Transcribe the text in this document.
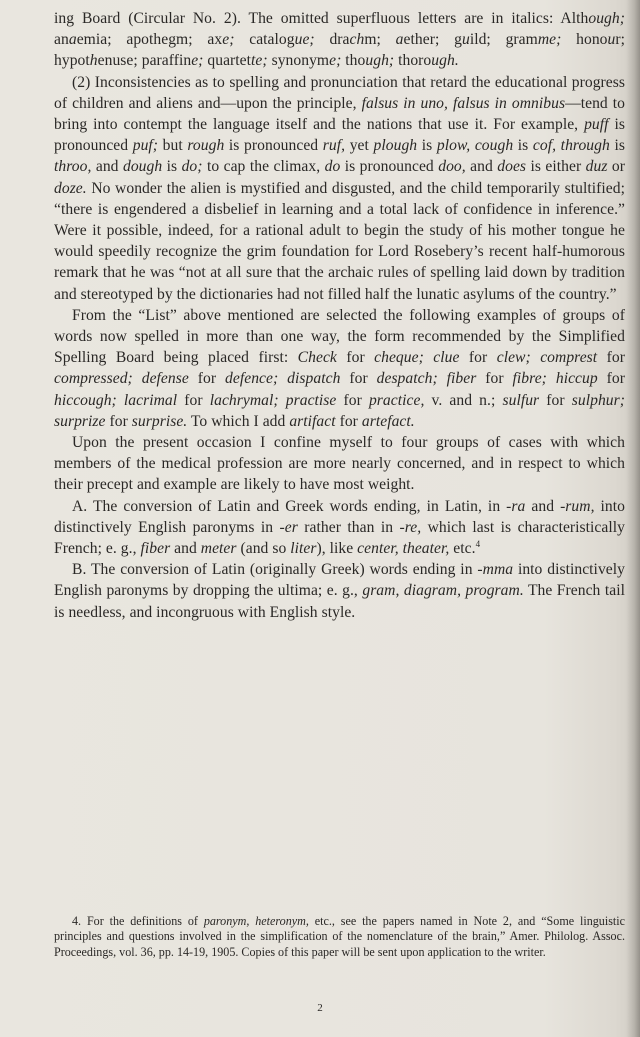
ing Board (Circular No. 2). The omitted superfluous letters are in italics: Although; anaemia; apothegm; axe; catalogue; drachm; aether; guild; gramme; honour; hypothenuse; paraffine; quartette; synonyme; though; thorough.

(2) Inconsistencies as to spelling and pronunciation that retard the educational progress of children and aliens and—upon the principle, falsus in uno, falsus in omnibus—tend to bring into contempt the language itself and the nations that use it. For example, puff is pronounced puf; but rough is pronounced ruf, yet plough is plow, cough is cof, through is throo, and dough is do; to cap the climax, do is pronounced doo, and does is either duz or doze. No wonder the alien is mystified and disgusted, and the child temporarily stultified; “there is engendered a disbelief in learning and a total lack of confidence in inference.” Were it possible, indeed, for a rational adult to begin the study of his mother tongue he would speedily recognize the grim foundation for Lord Rosebery’s recent half-humorous remark that he was “not at all sure that the archaic rules of spelling laid down by tradition and stereotyped by the dictionaries had not filled half the lunatic asylums of the country.”

From the “List” above mentioned are selected the following examples of groups of words now spelled in more than one way, the form recommended by the Simplified Spelling Board being placed first: Check for cheque; clue for clew; comprest for compressed; defense for defence; dispatch for despatch; fiber for fibre; hiccup for hiccough; lacrimal for lachrymal; practise for practice, v. and n.; sulfur for sulphur; surprize for surprise. To which I add artifact for artefact.

Upon the present occasion I confine myself to four groups of cases with which members of the medical profession are more nearly concerned, and in respect to which their precept and example are likely to have most weight.

A. The conversion of Latin and Greek words ending, in Latin, in -ra and -rum, into distinctively English paronyms in -er rather than in -re, which last is characteristically French; e. g., fiber and meter (and so liter), like center, theater, etc.$^4$

B. The conversion of Latin (originally Greek) words ending in -mma into distinctively English paronyms by dropping the ultima; e. g., gram, diagram, program. The French tail is needless, and incongruous with English style.

4. For the definitions of paronym, heteronym, etc., see the papers named in Note 2, and “Some linguistic principles and questions involved in the simplification of the nomenclature of the brain,” Amer. Philolog. Assoc. Proceedings, vol. 36, pp. 14-19, 1905. Copies of this paper will be sent upon application to the writer.

2
